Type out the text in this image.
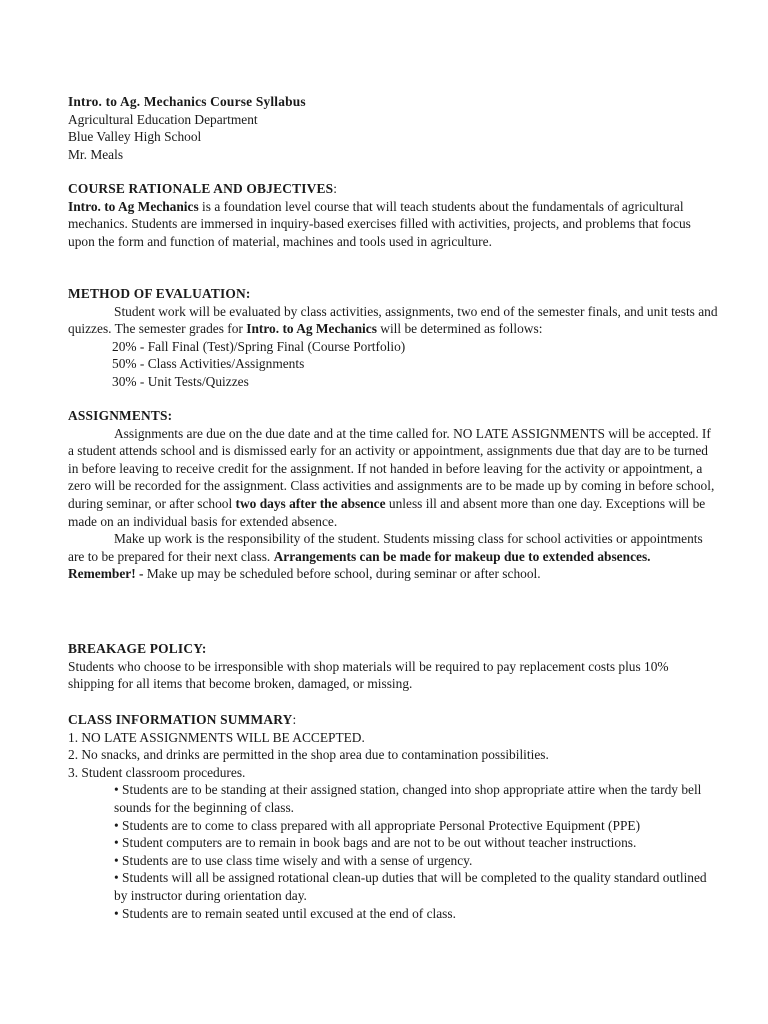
Intro. to Ag. Mechanics Course Syllabus

Agricultural Education Department

Blue Valley High School

Mr. Meals

COURSE RATIONALE AND OBJECTIVES:

Intro. to Ag Mechanics is a foundation level course that will teach students about the fundamentals of agricultural mechanics. Students are immersed in inquiry-based exercises filled with activities, projects, and problems that focus upon the form and function of material, machines and tools used in agriculture.

METHOD OF EVALUATION:

Student work will be evaluated by class activities, assignments, two end of the semester finals, and unit tests and quizzes. The semester grades for Intro. to Ag Mechanics will be determined as follows:

20% - Fall Final (Test)/Spring Final (Course Portfolio)

50% - Class Activities/Assignments

30% - Unit Tests/Quizzes

ASSIGNMENTS:

Assignments are due on the due date and at the time called for. NO LATE ASSIGNMENTS will be accepted. If a student attends school and is dismissed early for an activity or appointment, assignments due that day are to be turned in before leaving to receive credit for the assignment. If not handed in before leaving for the activity or appointment, a zero will be recorded for the assignment. Class activities and assignments are to be made up by coming in before school, during seminar, or after school two days after the absence unless ill and absent more than one day. Exceptions will be made on an individual basis for extended absence.

Make up work is the responsibility of the student. Students missing class for school activities or appointments are to be prepared for their next class. Arrangements can be made for makeup due to extended absences. Remember! - Make up may be scheduled before school, during seminar or after school.

BREAKAGE POLICY:

Students who choose to be irresponsible with shop materials will be required to pay replacement costs plus 10% shipping for all items that become broken, damaged, or missing.

CLASS INFORMATION SUMMARY:

1. NO LATE ASSIGNMENTS WILL BE ACCEPTED.
2. No snacks, and drinks are permitted in the shop area due to contamination possibilities.
3. Student classroom procedures.
• Students are to be standing at their assigned station, changed into shop appropriate attire when the tardy bell sounds for the beginning of class.
• Students are to come to class prepared with all appropriate Personal Protective Equipment (PPE)
• Student computers are to remain in book bags and are not to be out without teacher instructions.
• Students are to use class time wisely and with a sense of urgency.
• Students will all be assigned rotational clean-up duties that will be completed to the quality standard outlined by instructor during orientation day.
• Students are to remain seated until excused at the end of class.
